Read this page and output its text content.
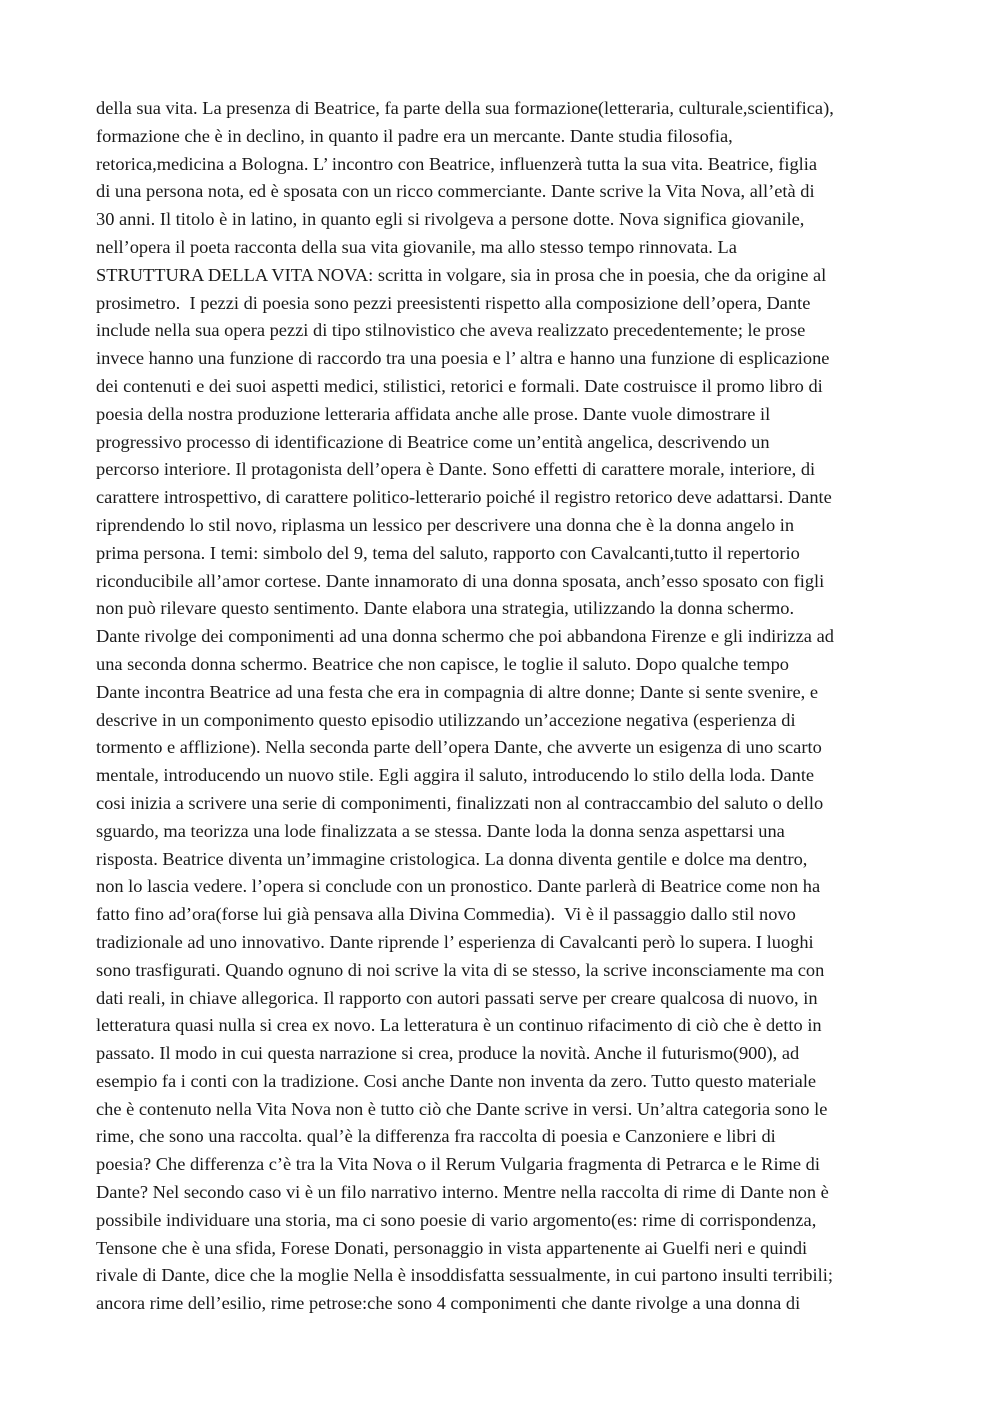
della sua vita. La presenza di Beatrice, fa parte della sua formazione(letteraria, culturale,scientifica),

formazione che è in declino, in quanto il padre era un mercante. Dante studia filosofia,

retorica,medicina a Bologna. L’ incontro con Beatrice, influenzerà tutta la sua vita. Beatrice, figlia

di una persona nota, ed è sposata con un ricco commerciante. Dante scrive la Vita Nova, all’età di

30 anni. Il titolo è in latino, in quanto egli si rivolgeva a persone dotte. Nova significa giovanile,

nell’opera il poeta racconta della sua vita giovanile, ma allo stesso tempo rinnovata. La

STRUTTURA DELLA VITA NOVA: scritta in volgare, sia in prosa che in poesia, che da origine al

prosimetro.  I pezzi di poesia sono pezzi preesistenti rispetto alla composizione dell’opera, Dante

include nella sua opera pezzi di tipo stilnovistico che aveva realizzato precedentemente; le prose

invece hanno una funzione di raccordo tra una poesia e l’ altra e hanno una funzione di esplicazione

dei contenuti e dei suoi aspetti medici, stilistici, retorici e formali. Date costruisce il promo libro di

poesia della nostra produzione letteraria affidata anche alle prose. Dante vuole dimostrare il

progressivo processo di identificazione di Beatrice come un’entità angelica, descrivendo un

percorso interiore. Il protagonista dell’opera è Dante. Sono effetti di carattere morale, interiore, di

carattere introspettivo, di carattere politico-letterario poiché il registro retorico deve adattarsi. Dante

riprendendo lo stil novo, riplasma un lessico per descrivere una donna che è la donna angelo in

prima persona. I temi: simbolo del 9, tema del saluto, rapporto con Cavalcanti,tutto il repertorio

riconducibile all’amor cortese. Dante innamorato di una donna sposata, anch’esso sposato con figli

non può rilevare questo sentimento. Dante elabora una strategia, utilizzando la donna schermo.

Dante rivolge dei componimenti ad una donna schermo che poi abbandona Firenze e gli indirizza ad

una seconda donna schermo. Beatrice che non capisce, le toglie il saluto. Dopo qualche tempo

Dante incontra Beatrice ad una festa che era in compagnia di altre donne; Dante si sente svenire, e

descrive in un componimento questo episodio utilizzando un’accezione negativa (esperienza di

tormento e afflizione). Nella seconda parte dell’opera Dante, che avverte un esigenza di uno scarto

mentale, introducendo un nuovo stile. Egli aggira il saluto, introducendo lo stilo della loda. Dante

cosi inizia a scrivere una serie di componimenti, finalizzati non al contraccambio del saluto o dello

sguardo, ma teorizza una lode finalizzata a se stessa. Dante loda la donna senza aspettarsi una

risposta. Beatrice diventa un’immagine cristologica. La donna diventa gentile e dolce ma dentro,

non lo lascia vedere. l’opera si conclude con un pronostico. Dante parlerà di Beatrice come non ha

fatto fino ad’ora(forse lui già pensava alla Divina Commedia).  Vi è il passaggio dallo stil novo

tradizionale ad uno innovativo. Dante riprende l’ esperienza di Cavalcanti però lo supera. I luoghi

sono trasfigurati. Quando ognuno di noi scrive la vita di se stesso, la scrive inconsciamente ma con

dati reali, in chiave allegorica. Il rapporto con autori passati serve per creare qualcosa di nuovo, in

letteratura quasi nulla si crea ex novo. La letteratura è un continuo rifacimento di ciò che è detto in

passato. Il modo in cui questa narrazione si crea, produce la novità. Anche il futurismo(900), ad

esempio fa i conti con la tradizione. Cosi anche Dante non inventa da zero. Tutto questo materiale

che è contenuto nella Vita Nova non è tutto ciò che Dante scrive in versi. Un’altra categoria sono le

rime, che sono una raccolta. qual’è la differenza fra raccolta di poesia e Canzoniere e libri di

poesia? Che differenza c’è tra la Vita Nova o il Rerum Vulgaria fragmenta di Petrarca e le Rime di

Dante? Nel secondo caso vi è un filo narrativo interno. Mentre nella raccolta di rime di Dante non è

possibile individuare una storia, ma ci sono poesie di vario argomento(es: rime di corrispondenza,

Tensone che è una sfida, Forese Donati, personaggio in vista appartenente ai Guelfi neri e quindi

rivale di Dante, dice che la moglie Nella è insoddisfatta sessualmente, in cui partono insulti terribili;

ancora rime dell’esilio, rime petrose:che sono 4 componimenti che dante rivolge a una donna di
